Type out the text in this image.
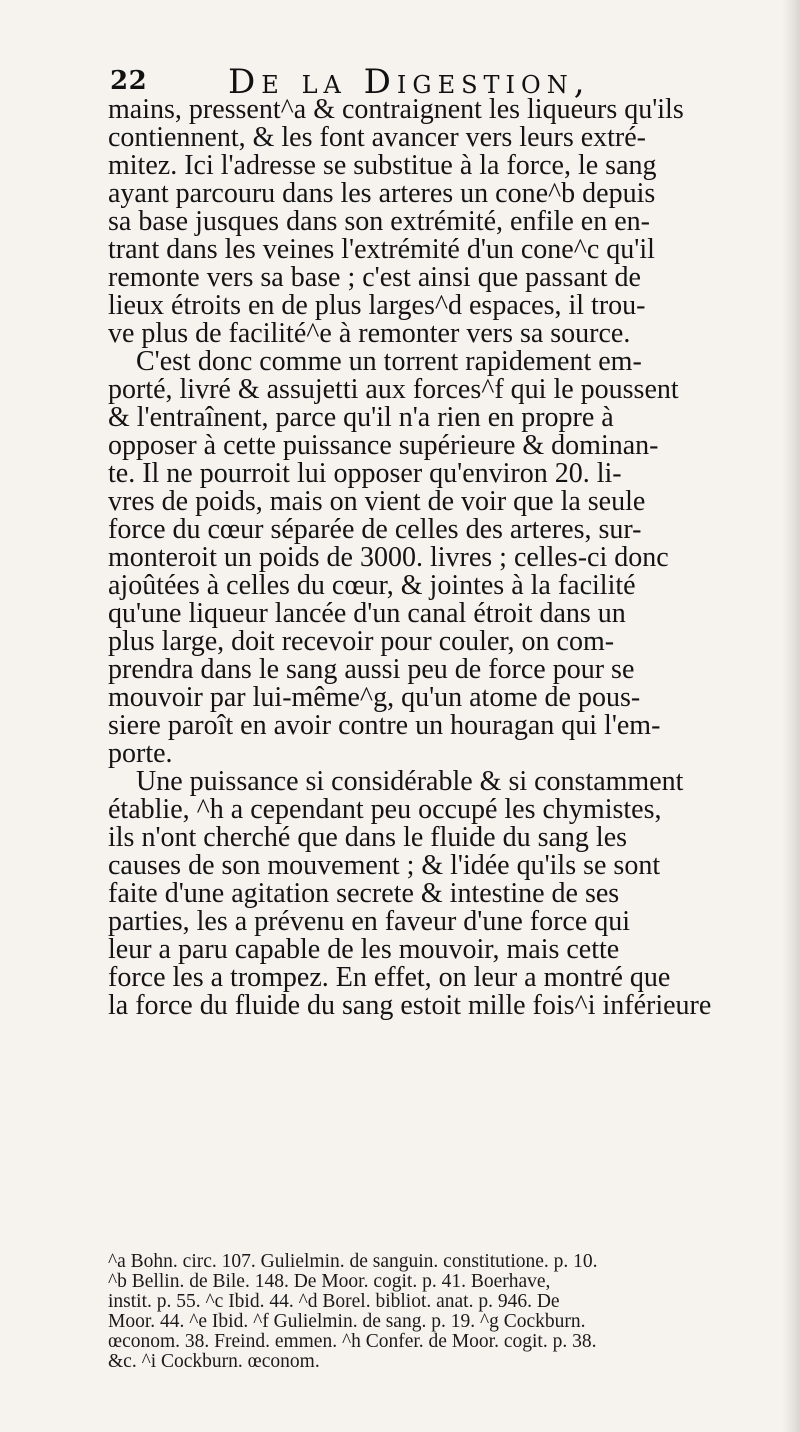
22 De la Digestion,
mains, pressent^a & contraignent les liqueurs qu'ils
contiennent, & les font avancer vers leurs extré-
mitez. Ici l'adresse se substitue à la force, le sang
ayant parcouru dans les arteres un cone^b depuis
sa base jusques dans son extrémité, enfile en en-
trant dans les veines l'extrémité d'un cone^c qu'il
remonte vers sa base ; c'est ainsi que passant de
lieux étroits en de plus larges^d espaces, il trou-
ve plus de facilité^e à remonter vers sa source.
C'est donc comme un torrent rapidement em-
porté, livré & assujetti aux forces^f qui le poussent
& l'entraînent, parce qu'il n'a rien en propre à
opposer à cette puissance supérieure & dominan-
te. Il ne pourroit lui opposer qu'environ 20. li-
vres de poids, mais on vient de voir que la seule
force du cœur séparée de celles des arteres, sur-
monteroit un poids de 3000. livres ; celles-ci donc
ajoûtées à celles du cœur, & jointes à la facilité
qu'une liqueur lancée d'un canal étroit dans un
plus large, doit recevoir pour couler, on com-
prendra dans le sang aussi peu de force pour se
mouvoir par lui-même^g, qu'un atome de pous-
siere paroît en avoir contre un houragan qui l'em-
porte.
Une puissance si considérable & si constamment
établie, ^h a cependant peu occupé les chymistes,
ils n'ont cherché que dans le fluide du sang les
causes de son mouvement ; & l'idée qu'ils se sont
faite d'une agitation secrete & intestine de ses
parties, les a prévenu en faveur d'une force qui
leur a paru capable de les mouvoir, mais cette
force les a trompez. En effet, on leur a montré que
la force du fluide du sang estoit mille fois^i inférieure
^a Bohn. circ. 107. Gulielmin. de sanguin. constitutione. p. 10.
^b Bellin. de Bile. 148. De Moor. cogit. p. 41. Boerhave,
instit. p. 55. ^c Ibid. 44. ^d Borel. bibliot. anat. p. 946. De
Moor. 44. ^e Ibid. ^f Gulielmin. de sang. p. 19. ^g Cockburn.
œconom. 38. Freind. emmen. ^h Confer. de Moor. cogit. p. 38.
&c. ^i Cockburn. œconom.
